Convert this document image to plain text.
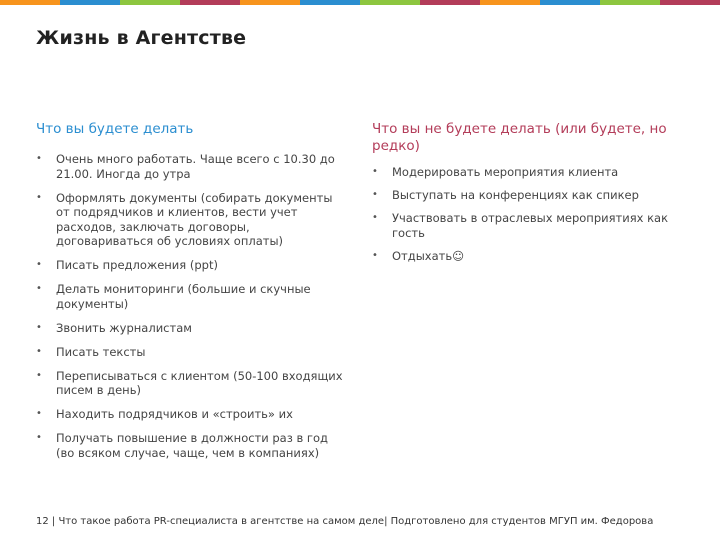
Жизнь в Агентстве
Что вы будете делать
• Очень много работать. Чаще всего с 10.30 до 21.00. Иногда до утра
• Оформлять документы (собирать документы от подрядчиков и клиентов, вести учет расходов, заключать договоры, договариваться об условиях оплаты)
• Писать предложения (ppt)
• Делать мониторинги (большие и скучные документы)
• Звонить журналистам
• Писать тексты
• Переписываться с клиентом (50-100 входящих писем в день)
• Находить подрядчиков и «строить» их
• Получать повышение в должности раз в год (во всяком случае, чаще, чем в компаниях)
Что вы не будете делать (или будете, но редко)
• Модерировать мероприятия клиента
• Выступать на конференциях как спикер
• Участвовать в отраслевых мероприятиях как гость
• Отдыхать☺
12 | Что такое работа PR-специалиста в агентстве на самом деле| Подготовлено для студентов МГУП им. Федорова
